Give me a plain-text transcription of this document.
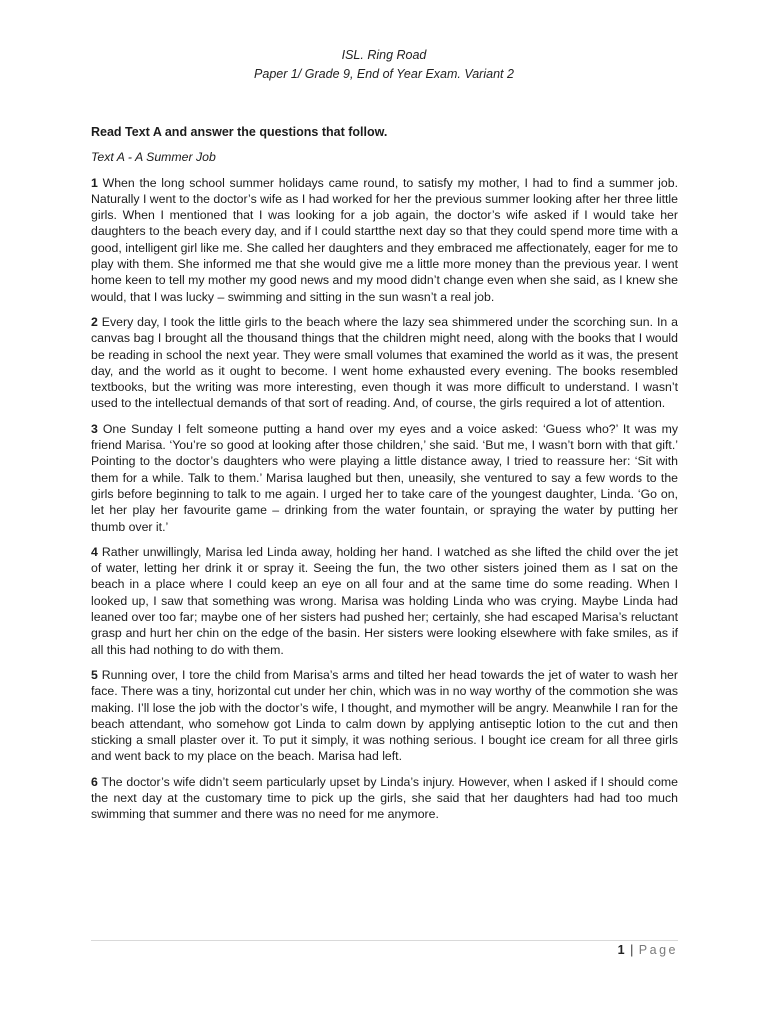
ISL. Ring Road
Paper 1/ Grade 9, End of Year Exam. Variant 2

Read Text A and answer the questions that follow.

Text A - A Summer Job

1 When the long school summer holidays came round, to satisfy my mother, I had to find a summer job. Naturally I went to the doctor’s wife as I had worked for her the previous summer looking after her three little girls. When I mentioned that I was looking for a job again, the doctor’s wife asked if I would take her daughters to the beach every day, and if I could startthe next day so that they could spend more time with a good, intelligent girl like me. She called her daughters and they embraced me affectionately, eager for me to play with them. She informed me that she would give me a little more money than the previous year. I went home keen to tell my mother my good news and my mood didn’t change even when she said, as I knew she would, that I was lucky – swimming and sitting in the sun wasn’t a real job.

2 Every day, I took the little girls to the beach where the lazy sea shimmered under the scorching sun. In a canvas bag I brought all the thousand things that the children might need, along with the books that I would be reading in school the next year. They were small volumes that examined the world as it was, the present day, and the world as it ought to become. I went home exhausted every evening. The books resembled textbooks, but the writing was more interesting, even though it was more difficult to understand. I wasn’t used to the intellectual demands of that sort of reading. And, of course, the girls required a lot of attention.

3 One Sunday I felt someone putting a hand over my eyes and a voice asked: ‘Guess who?’ It was my friend Marisa. ‘You’re so good at looking after those children,’ she said. ‘But me, I wasn’t born with that gift.’ Pointing to the doctor’s daughters who were playing a little distance away, I tried to reassure her: ‘Sit with them for a while. Talk to them.’ Marisa laughed but then, uneasily, she ventured to say a few words to the girls before beginning to talk to me again. I urged her to take care of the youngest daughter, Linda. ‘Go on, let her play her favourite game – drinking from the water fountain, or spraying the water by putting her thumb over it.’

4 Rather unwillingly, Marisa led Linda away, holding her hand. I watched as she lifted the child over the jet of water, letting her drink it or spray it. Seeing the fun, the two other sisters joined them as I sat on the beach in a place where I could keep an eye on all four and at the same time do some reading. When I looked up, I saw that something was wrong. Marisa was holding Linda who was crying. Maybe Linda had leaned over too far; maybe one of her sisters had pushed her; certainly, she had escaped Marisa’s reluctant grasp and hurt her chin on the edge of the basin. Her sisters were looking elsewhere with fake smiles, as if all this had nothing to do with them.

5 Running over, I tore the child from Marisa’s arms and tilted her head towards the jet of water to wash her face. There was a tiny, horizontal cut under her chin, which was in no way worthy of the commotion she was making. I’ll lose the job with the doctor’s wife, I thought, and mymother will be angry. Meanwhile I ran for the beach attendant, who somehow got Linda to calm down by applying antiseptic lotion to the cut and then sticking a small plaster over it. To put it simply, it was nothing serious. I bought ice cream for all three girls and went back to my place on the beach. Marisa had left.

6 The doctor’s wife didn’t seem particularly upset by Linda’s injury. However, when I asked if I should come the next day at the customary time to pick up the girls, she said that her daughters had had too much swimming that summer and there was no need for me anymore.

1 | Page
